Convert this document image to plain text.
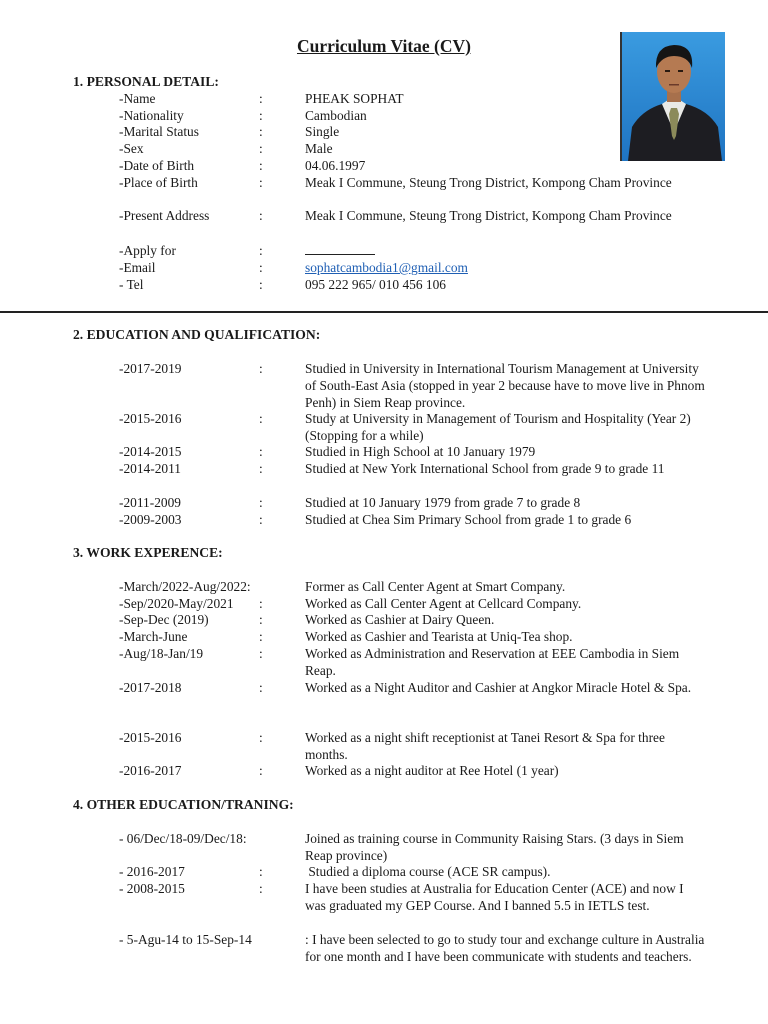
Curriculum Vitae (CV)
1. PERSONAL DETAIL:
-Name	:	PHEAK SOPHAT
-Nationality	:	Cambodian
-Marital Status	:	Single
-Sex	:	Male
-Date of Birth	:	04.06.1997
-Place of Birth	:	Meak I Commune, Steung Trong District, Kompong Cham Province
-Present Address	:	Meak I Commune, Steung Trong District, Kompong Cham Province
-Apply for	:
-Email	:	sophatcambodia1@gmail.com
- Tel	:	095 222 965/ 010 456 106
2. EDUCATION AND QUALIFICATION:
-2017-2019	:	Studied in University in International Tourism Management at University of South-East Asia (stopped in year 2 because have to move live in Phnom Penh) in Siem Reap province.
-2015-2016	:	Study at University in Management of Tourism and Hospitality (Year 2) (Stopping for a while)
-2014-2015	:	Studied in High School at 10 January 1979
-2014-2011	:	Studied at New York International School from grade 9 to grade 11
-2011-2009	:	Studied at 10 January 1979 from grade 7 to grade 8
-2009-2003	:	Studied at Chea Sim Primary School from grade 1 to grade 6
3. WORK EXPERENCE:
-March/2022-Aug/2022:	Former as Call Center Agent at Smart Company.
-Sep/2020-May/2021 :	Worked as Call Center Agent at Cellcard Company.
-Sep-Dec (2019)	:	Worked as Cashier at Dairy Queen.
-March-June	:	Worked as Cashier and Tearista at Uniq-Tea shop.
-Aug/18-Jan/19	:	Worked as Administration and Reservation at EEE Cambodia in Siem Reap.
-2017-2018	:	Worked as a Night Auditor and Cashier at Angkor Miracle Hotel & Spa.
-2015-2016	:	Worked as a night shift receptionist at Tanei Resort & Spa for three months.
-2016-2017	:	Worked as a night auditor at Ree Hotel (1 year)
4. OTHER EDUCATION/TRANING:
- 06/Dec/18-09/Dec/18:	Joined as training course in Community Raising Stars. (3 days in Siem Reap province)
- 2016-2017	:	Studied a diploma course (ACE SR campus).
- 2008-2015	:	I have been studies at Australia for Education Center (ACE) and now I was graduated my GEP Course. And I banned 5.5 in IETLS test.
- 5-Agu-14 to 15-Sep-14	: I have been selected to go to study tour and exchange culture in Australia for one month and I have been communicate with students and teachers.
